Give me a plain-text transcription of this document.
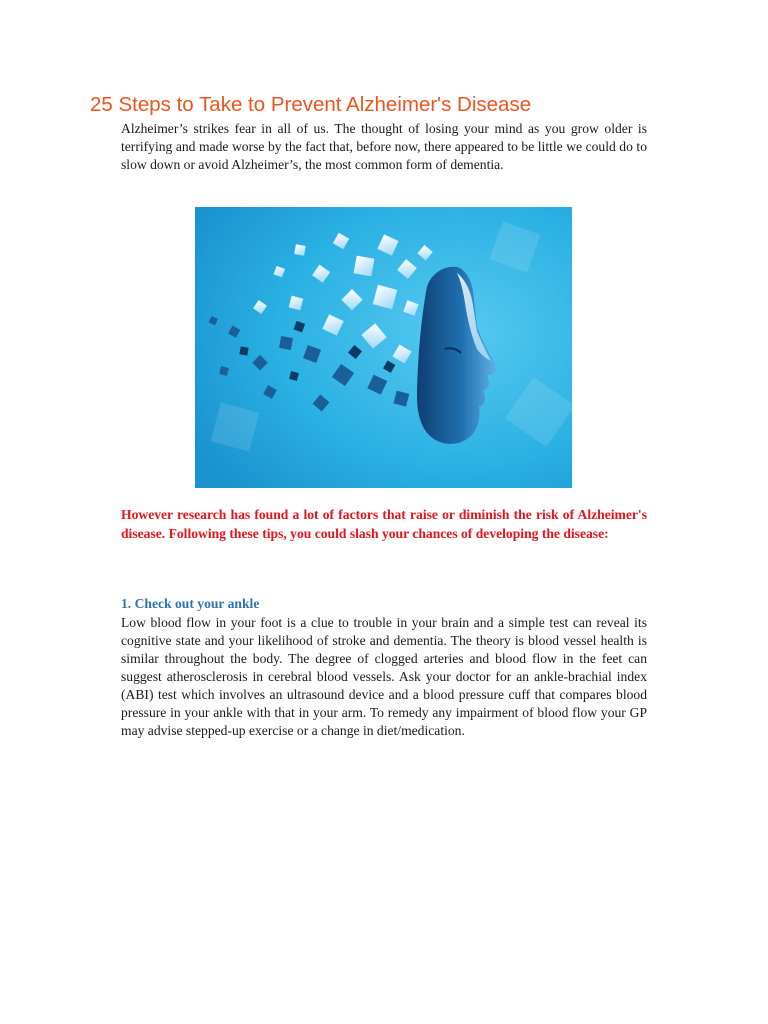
25 Steps to Take to Prevent Alzheimer's Disease

Alzheimer’s strikes fear in all of us. The thought of losing your mind as you grow older is terrifying and made worse by the fact that, before now, there appeared to be little we could do to slow down or avoid Alzheimer’s, the most common form of dementia.

However research has found a lot of factors that raise or diminish the risk of Alzheimer's disease. Following these tips, you could slash your chances of developing the disease:

1. Check out your ankle

Low blood flow in your foot is a clue to trouble in your brain and a simple test can reveal its cognitive state and your likelihood of stroke and dementia. The theory is blood vessel health is similar throughout the body. The degree of clogged arteries and blood flow in the feet can suggest atherosclerosis in cerebral blood vessels. Ask your doctor for an ankle-brachial index (ABI) test which involves an ultrasound device and a blood pressure cuff that compares blood pressure in your ankle with that in your arm. To remedy any impairment of blood flow your GP may advise stepped-up exercise or a change in diet/medication.
